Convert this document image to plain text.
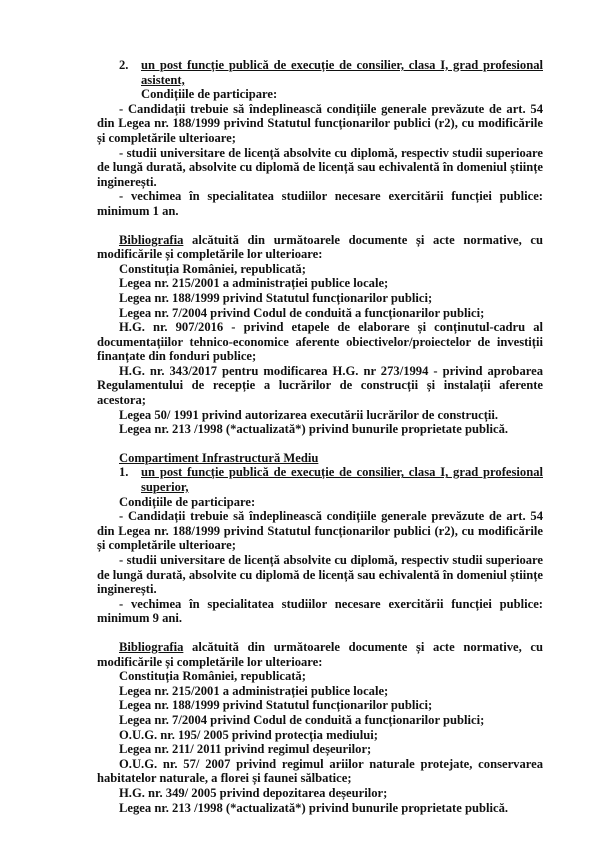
2. un post funcție publică de execuție de consilier, clasa I, grad profesional asistent,

Condițiile de participare:

- Candidații trebuie să îndeplinească condițiile generale prevăzute de art. 54 din Legea nr. 188/1999 privind Statutul funcționarilor publici (r2), cu modificările și completările ulterioare;

- studii universitare de licență absolvite cu diplomă, respectiv studii superioare de lungă durată, absolvite cu diplomă de licență sau echivalentă în domeniul științe inginerești.

- vechimea în specialitatea studiilor necesare exercitării funcției publice: minimum 1 an.

Bibliografia alcătuită din următoarele documente și acte normative, cu modificările și completările lor ulterioare:

Constituția României, republicată;

Legea nr. 215/2001 a administrației publice locale;

Legea nr. 188/1999 privind Statutul funcționarilor publici;

Legea nr. 7/2004 privind Codul de conduită a funcționarilor publici;

H.G. nr. 907/2016 - privind etapele de elaborare și conținutul-cadru al documentațiilor tehnico-economice aferente obiectivelor/proiectelor de investiții finanțate din fonduri publice;

H.G. nr. 343/2017 pentru modificarea H.G. nr 273/1994 - privind aprobarea Regulamentului de recepție a lucrărilor de construcții și instalații aferente acestora;

Legea 50/ 1991 privind autorizarea executării lucrărilor de construcții.

Legea nr. 213 /1998 (*actualizată*) privind bunurile proprietate publică.

Compartiment Infrastructură Mediu

1. un post funcție publică de execuție de consilier, clasa I, grad profesional superior,

Condițiile de participare:

- Candidații trebuie să îndeplinească condițiile generale prevăzute de art. 54 din Legea nr. 188/1999 privind Statutul funcționarilor publici (r2), cu modificările și completările ulterioare;

- studii universitare de licență absolvite cu diplomă, respectiv studii superioare de lungă durată, absolvite cu diplomă de licență sau echivalentă în domeniul științe inginerești.

- vechimea în specialitatea studiilor necesare exercitării funcției publice: minimum 9 ani.

Bibliografia alcătuită din următoarele documente și acte normative, cu modificările și completările lor ulterioare:

Constituția României, republicată;

Legea nr. 215/2001 a administrației publice locale;

Legea nr. 188/1999 privind Statutul funcționarilor publici;

Legea nr. 7/2004 privind Codul de conduită a funcționarilor publici;

O.U.G. nr. 195/ 2005 privind protecția mediului;

Legea nr. 211/ 2011 privind regimul deșeurilor;

O.U.G. nr. 57/ 2007 privind regimul ariilor naturale protejate, conservarea habitatelor naturale, a florei și faunei sălbatice;

H.G. nr. 349/ 2005 privind depozitarea deșeurilor;

Legea nr. 213 /1998 (*actualizată*) privind bunurile proprietate publică.
